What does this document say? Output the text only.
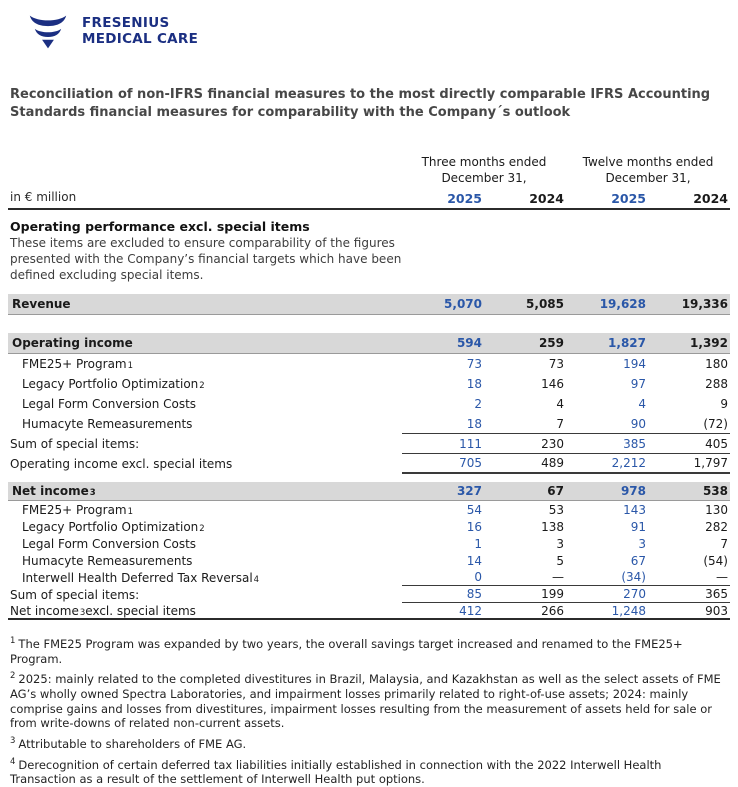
FRESENIUS
MEDICAL CARE
Reconciliation of non-IFRS financial measures to the most directly comparable IFRS Accounting Standards financial measures for comparability with the Company´s outlook
in € million
Three months ended December 31,
Twelve months ended December 31,
2025	2024	2025	2024
Operating performance excl. special items
These items are excluded to ensure comparability of the figures presented with the Company’s financial targets which have been defined excluding special items.
Revenue	5,070	5,085	19,628	19,336
Operating income	594	259	1,827	1,392
FME25+ Program 1	73	73	194	180
Legacy Portfolio Optimization 2	18	146	97	288
Legal Form Conversion Costs	2	4	4	9
Humacyte Remeasurements	18	7	90	(72)
Sum of special items:	111	230	385	405
Operating income excl. special items	705	489	2,212	1,797
Net income 3	327	67	978	538
FME25+ Program 1	54	53	143	130
Legacy Portfolio Optimization 2	16	138	91	282
Legal Form Conversion Costs	1	3	3	7
Humacyte Remeasurements	14	5	67	(54)
Interwell Health Deferred Tax Reversal 4	0	—	(34)	—
Sum of special items:	85	199	270	365
Net income 3 excl. special items	412	266	1,248	903
$^1$ The FME25 Program was expanded by two years, the overall savings target increased and renamed to the FME25+ Program.
$^2$ 2025: mainly related to the completed divestitures in Brazil, Malaysia, and Kazakhstan as well as the select assets of FME AG’s wholly owned Spectra Laboratories, and impairment losses primarily related to right-of-use assets; 2024: mainly comprise gains and losses from divestitures, impairment losses resulting from the measurement of assets held for sale or from write-downs of related non-current assets.
$^3$ Attributable to shareholders of FME AG.
$^4$ Derecognition of certain deferred tax liabilities initially established in connection with the 2022 Interwell Health Transaction as a result of the settlement of Interwell Health put options.
